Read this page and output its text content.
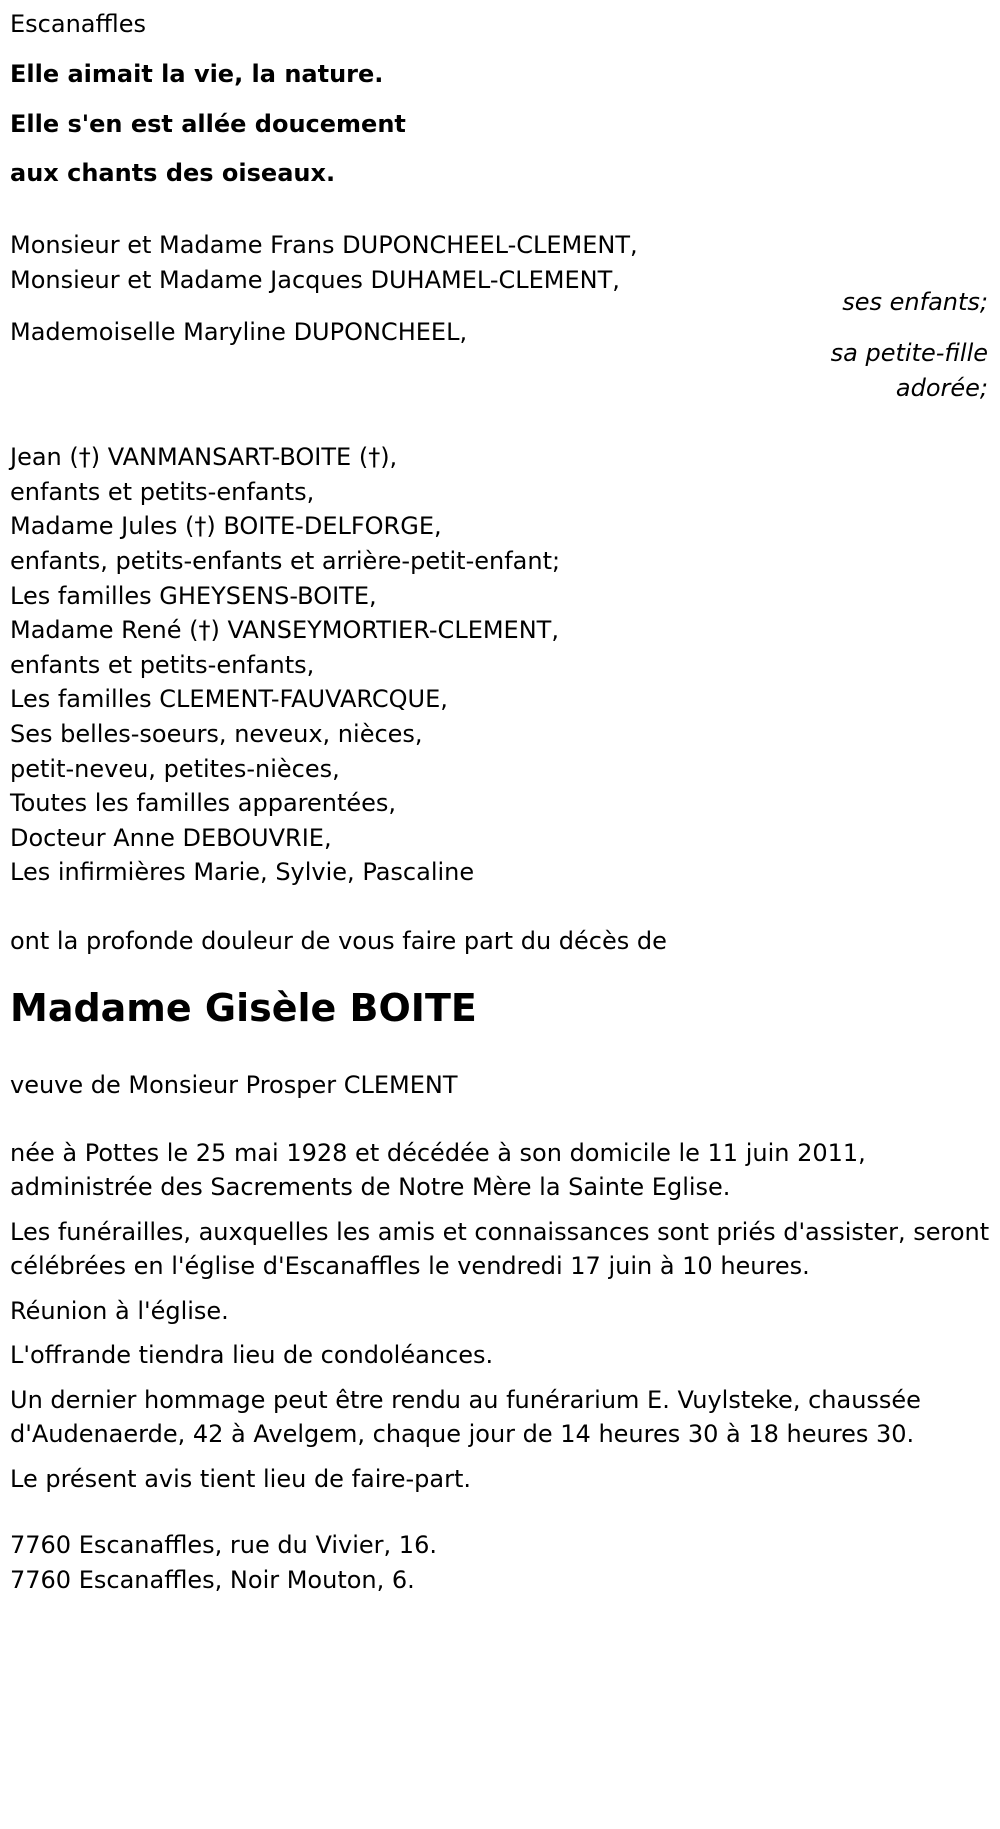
Escanaffles

Elle aimait la vie, la nature.

Elle s'en est allée doucement

aux chants des oiseaux.

Monsieur et Madame Frans DUPONCHEEL-CLEMENT,

Monsieur et Madame Jacques DUHAMEL-CLEMENT,

ses enfants;

Mademoiselle Maryline DUPONCHEEL,

sa petite-fille

adorée;

Jean (†) VANMANSART-BOITE (†),

enfants et petits-enfants,

Madame Jules (†) BOITE-DELFORGE,

enfants, petits-enfants et arrière-petit-enfant;

Les familles GHEYSENS-BOITE,

Madame René (†) VANSEYMORTIER-CLEMENT,

enfants et petits-enfants,

Les familles CLEMENT-FAUVARCQUE,

Ses belles-soeurs, neveux, nièces,

petit-neveu, petites-nièces,

Toutes les familles apparentées,

Docteur Anne DEBOUVRIE,

Les infirmières Marie, Sylvie, Pascaline

ont la profonde douleur de vous faire part du décès de

Madame Gisèle BOITE

veuve de Monsieur Prosper CLEMENT

née à Pottes le 25 mai 1928 et décédée à son domicile le 11 juin 2011, administrée des Sacrements de Notre Mère la Sainte Eglise.

Les funérailles, auxquelles les amis et connaissances sont priés d'assister, seront célébrées en l'église d'Escanaffles le vendredi 17 juin à 10 heures.

Réunion à l'église.

L'offrande tiendra lieu de condoléances.

Un dernier hommage peut être rendu au funérarium E. Vuylsteke, chaussée d'Audenaerde, 42 à Avelgem, chaque jour de 14 heures 30 à 18 heures 30.

Le présent avis tient lieu de faire-part.

7760 Escanaffles, rue du Vivier, 16.

7760 Escanaffles, Noir Mouton, 6.
